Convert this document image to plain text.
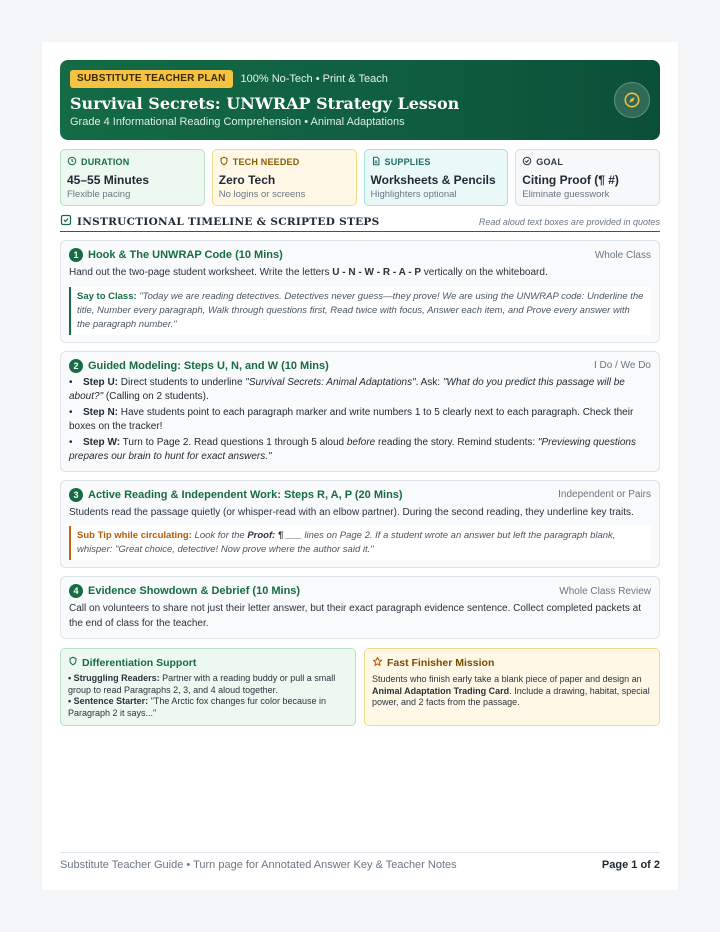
SUBSTITUTE TEACHER PLAN	100% No-Tech • Print & Teach
Survival Secrets: UNWRAP Strategy Lesson
Grade 4 Informational Reading Comprehension • Animal Adaptations
DURATION
45–55 Minutes
Flexible pacing
TECH NEEDED
Zero Tech
No logins or screens
SUPPLIES
Worksheets & Pencils
Highlighters optional
GOAL
Citing Proof (¶ #)
Eliminate guesswork
INSTRUCTIONAL TIMELINE & SCRIPTED STEPS	Read aloud text boxes are provided in quotes
1 Hook & The UNWRAP Code (10 Mins)	Whole Class
Hand out the two-page student worksheet. Write the letters U - N - W - R - A - P vertically on the whiteboard.
Say to Class: "Today we are reading detectives. Detectives never guess—they prove! We are using the UNWRAP code: Underline the title, Number every paragraph, Walk through questions first, Read twice with focus, Answer each item, and Prove every answer with the paragraph number."
2 Guided Modeling: Steps U, N, and W (10 Mins)	I Do / We Do
• Step U: Direct students to underline "Survival Secrets: Animal Adaptations". Ask: "What do you predict this passage will be about?" (Calling on 2 students).
• Step N: Have students point to each paragraph marker and write numbers 1 to 5 clearly next to each paragraph. Check their boxes on the tracker!
• Step W: Turn to Page 2. Read questions 1 through 5 aloud before reading the story. Remind students: "Previewing questions prepares our brain to hunt for exact answers."
3 Active Reading & Independent Work: Steps R, A, P (20 Mins)	Independent or Pairs
Students read the passage quietly (or whisper-read with an elbow partner). During the second reading, they underline key traits.
Sub Tip while circulating: Look for the Proof: ¶ ___ lines on Page 2. If a student wrote an answer but left the paragraph blank, whisper: "Great choice, detective! Now prove where the author said it."
4 Evidence Showdown & Debrief (10 Mins)	Whole Class Review
Call on volunteers to share not just their letter answer, but their exact paragraph evidence sentence. Collect completed packets at the end of class for the teacher.
Differentiation Support
• Struggling Readers: Partner with a reading buddy or pull a small group to read Paragraphs 2, 3, and 4 aloud together.
• Sentence Starter: "The Arctic fox changes fur color because in Paragraph 2 it says..."
Fast Finisher Mission
Students who finish early take a blank piece of paper and design an Animal Adaptation Trading Card. Include a drawing, habitat, special power, and 2 facts from the passage.
Substitute Teacher Guide • Turn page for Annotated Answer Key & Teacher Notes	Page 1 of 2
